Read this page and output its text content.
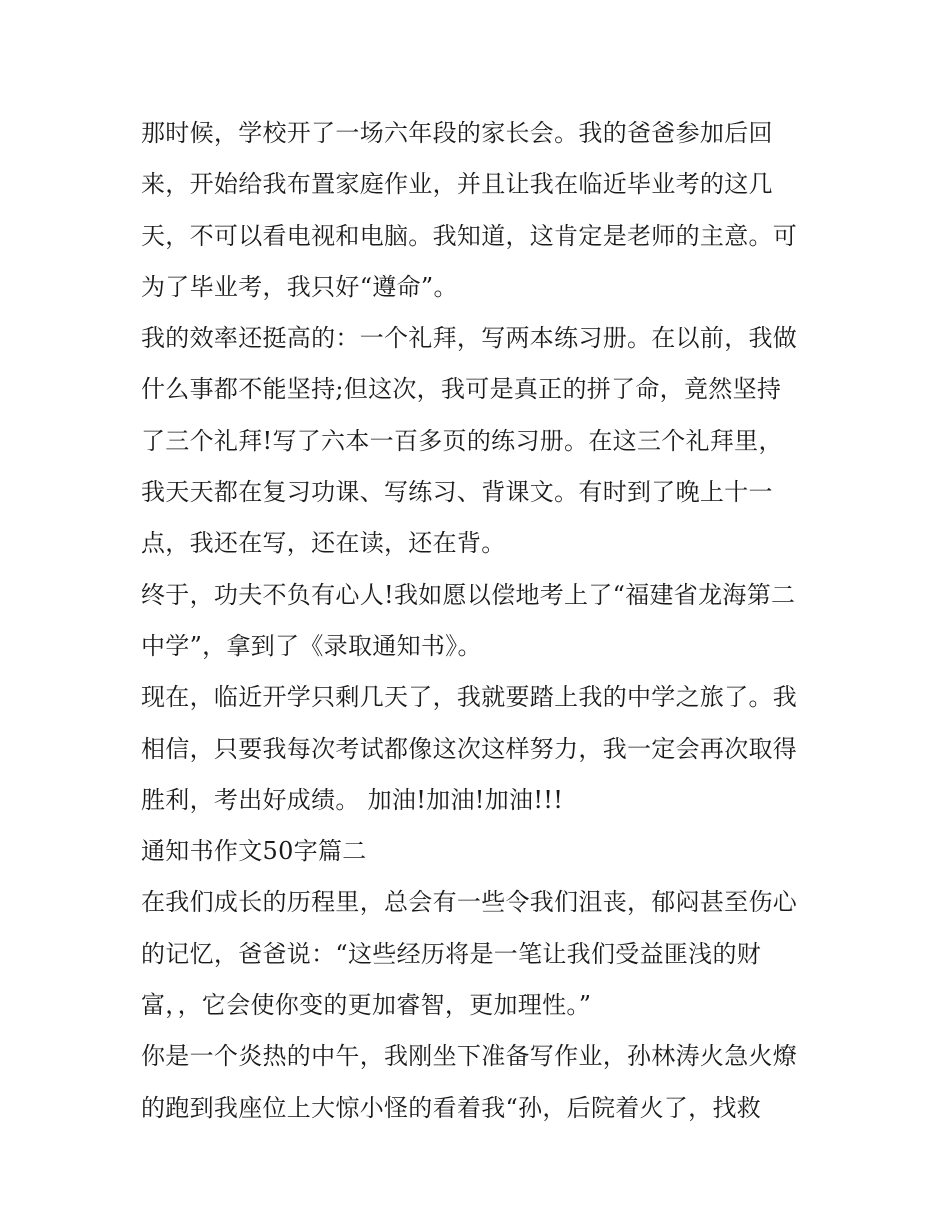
那时候，学校开了一场六年段的家长会。我的爸爸参加后回
来，开始给我布置家庭作业，并且让我在临近毕业考的这几
天，不可以看电视和电脑。我知道，这肯定是老师的主意。可
为了毕业考，我只好“遵命”。
我的效率还挺高的：一个礼拜，写两本练习册。在以前，我做
什么事都不能坚持;但这次，我可是真正的拼了命，竟然坚持
了三个礼拜!写了六本一百多页的练习册。在这三个礼拜里，
我天天都在复习功课、写练习、背课文。有时到了晚上十一
点，我还在写，还在读，还在背。
终于，功夫不负有心人!我如愿以偿地考上了“福建省龙海第二
中学”，拿到了《录取通知书》。
现在，临近开学只剩几天了，我就要踏上我的中学之旅了。我
相信，只要我每次考试都像这次这样努力，我一定会再次取得
胜利，考出好成绩。 加油!加油!加油!!!
通知书作文50字篇二
在我们成长的历程里，总会有一些令我们沮丧，郁闷甚至伤心
的记忆，爸爸说：“这些经历将是一笔让我们受益匪浅的财
富，，它会使你变的更加睿智，更加理性。”
你是一个炎热的中午，我刚坐下准备写作业，孙林涛火急火燎
的跑到我座位上大惊小怪的看着我“孙，后院着火了，找救
